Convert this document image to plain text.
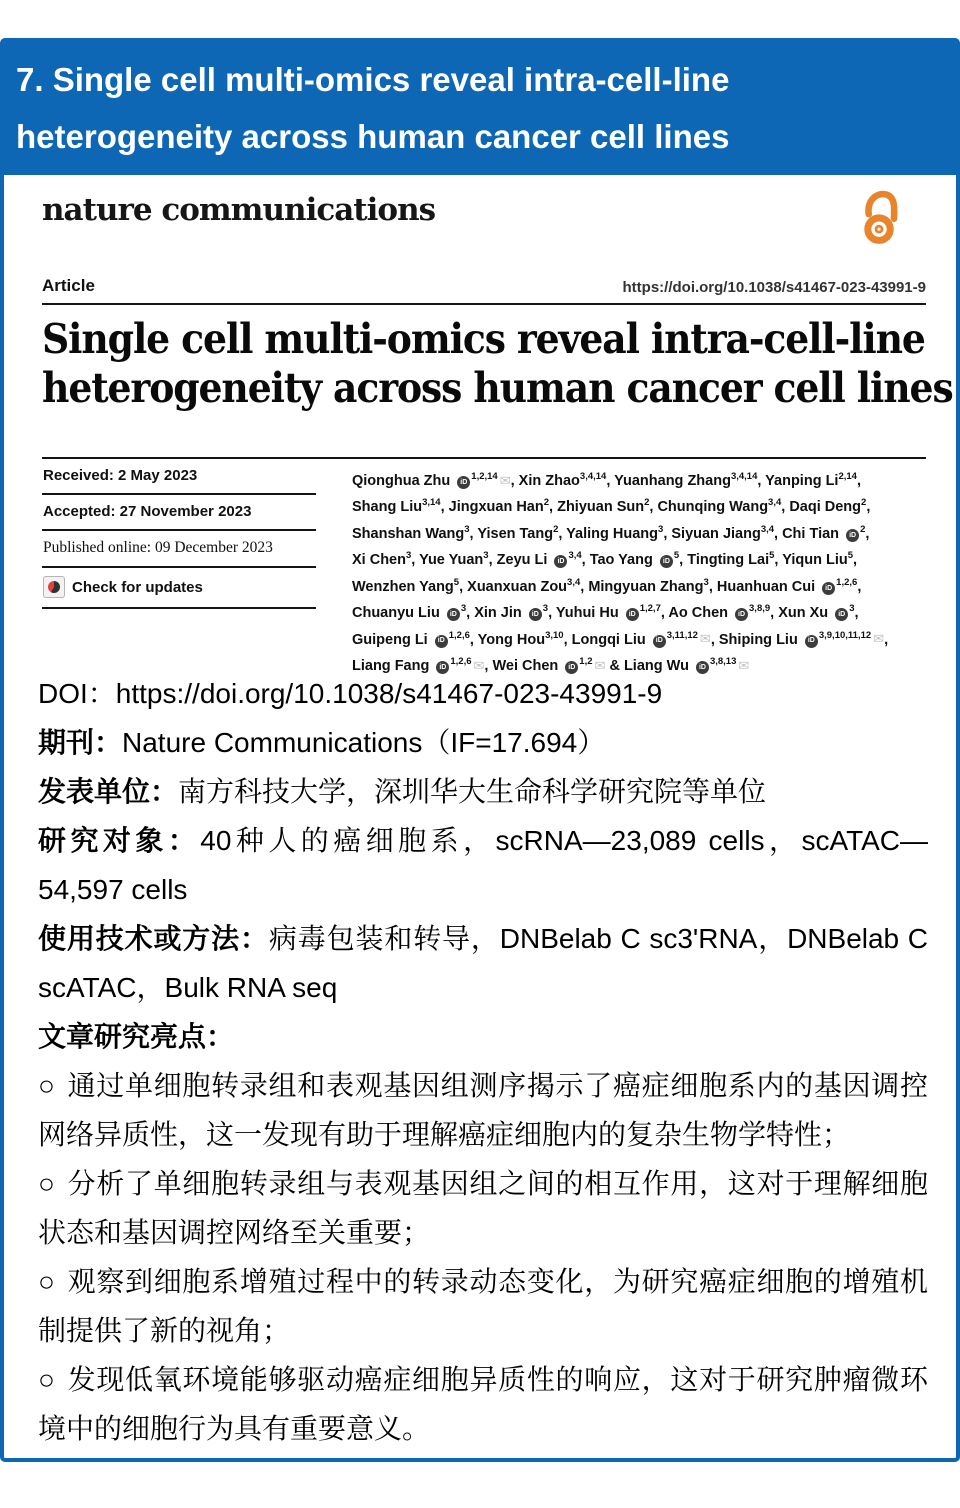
7. Single cell multi-omics reveal intra-cell-line
heterogeneity across human cancer cell lines
nature communications
Article	https://doi.org/10.1038/s41467-023-43991-9
Single cell multi-omics reveal intra-cell-line
heterogeneity across human cancer cell lines
Received: 2 May 2023
Accepted: 27 November 2023
Published online: 09 December 2023
Check for updates
Qionghua Zhu iD$^{1,2,14}$ ✉, Xin Zhao$^{3,4,14}$, Yuanhang Zhang$^{3,4,14}$, Yanping Li$^{2,14}$,
Shang Liu$^{3,14}$, Jingxuan Han$^2$, Zhiyuan Sun$^2$, Chunqing Wang$^{3,4}$, Daqi Deng$^2$,
Shanshan Wang$^3$, Yisen Tang$^2$, Yaling Huang$^3$, Siyuan Jiang$^{3,4}$, Chi Tian $iD^2$,
Xi Chen$^3$, Yue Yuan$^3$, Zeyu Li iD$^{3,4}$, Tao Yang $iD^5$, Tingting Lai$^5$, Yiqun Liu$^5$,
Wenzhen Yang$^5$, Xuanxuan Zou$^{3,4}$, Mingyuan Zhang$^3$, Huanhuan Cui iD$^{1,2,6}$,
Chuanyu Liu $iD^3$, Xin Jin $iD^3$, Yuhui Hu iD$^{1,2,7}$, Ao Chen iD$^{3,8,9}$, Xun Xu $iD^3$,
Guipeng Li iD$^{1,2,6}$, Yong Hou$^{3,10}$, Longqi Liu iD$^{3,11,12}$ ✉, Shiping Liu iD$^{3,9,10,11,12}$ ✉,
Liang Fang iD$^{1,2,6}$ ✉, Wei Chen iD$^{1,2}$ ✉ & Liang Wu iD$^{3,8,13}$ ✉
DOI：https://doi.org/10.1038/s41467-023-43991-9
期刊：Nature Communications（IF=17.694）
发表单位：南方科技大学，深圳华大生命科学研究院等单位
研究对象：40种人的癌细胞系，scRNA—23,089 cells，scATAC—54,597 cells
使用技术或方法：病毒包装和转导，DNBelab C sc3'RNA，DNBelab C scATAC，Bulk RNA seq
文章研究亮点：
○ 通过单细胞转录组和表观基因组测序揭示了癌症细胞系内的基因调控网络异质性，这一发现有助于理解癌症细胞内的复杂生物学特性；
○ 分析了单细胞转录组与表观基因组之间的相互作用，这对于理解细胞状态和基因调控网络至关重要；
○ 观察到细胞系增殖过程中的转录动态变化，为研究癌症细胞的增殖机制提供了新的视角；
○ 发现低氧环境能够驱动癌症细胞异质性的响应，这对于研究肿瘤微环境中的细胞行为具有重要意义。
